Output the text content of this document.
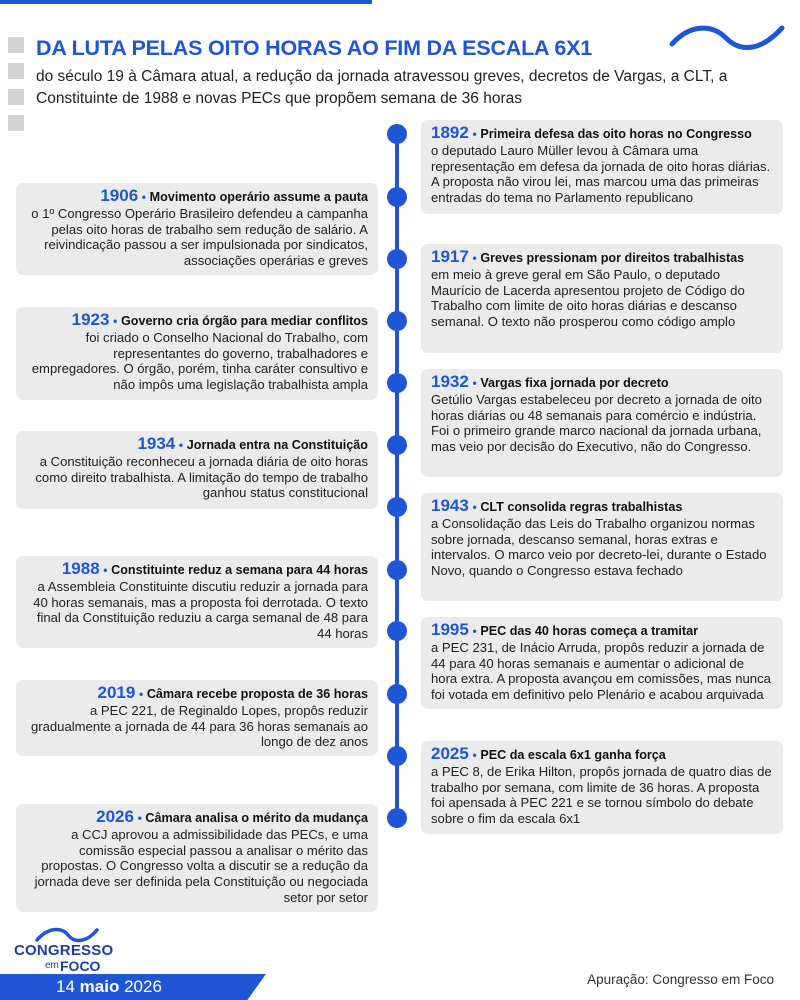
DA LUTA PELAS OITO HORAS AO FIM DA ESCALA 6X1

do século 19 à Câmara atual, a redução da jornada atravessou greves, decretos de Vargas, a CLT, a Constituinte de 1988 e novas PECs que propõem semana de 36 horas

1892 • Primeira defesa das oito horas no Congresso
o deputado Lauro Müller levou à Câmara uma representação em defesa da jornada de oito horas diárias. A proposta não virou lei, mas marcou uma das primeiras entradas do tema no Parlamento republicano
1906 • Movimento operário assume a pauta
o 1º Congresso Operário Brasileiro defendeu a campanha pelas oito horas de trabalho sem redução de salário. A reivindicação passou a ser impulsionada por sindicatos, associações operárias e greves	1917 • Greves pressionam por direitos trabalhistas
em meio à greve geral em São Paulo, o deputado Maurício de Lacerda apresentou projeto de Código do Trabalho com limite de oito horas diárias e descanso semanal. O texto não prosperou como código amplo
1923 • Governo cria órgão para mediar conflitos
foi criado o Conselho Nacional do Trabalho, com representantes do governo, trabalhadores e empregadores. O órgão, porém, tinha caráter consultivo e não impôs uma legislação trabalhista ampla	1932 • Vargas fixa jornada por decreto
Getúlio Vargas estabeleceu por decreto a jornada de oito horas diárias ou 48 semanais para comércio e indústria. Foi o primeiro grande marco nacional da jornada urbana, mas veio por decisão do Executivo, não do Congresso.
1934 • Jornada entra na Constituição
a Constituição reconheceu a jornada diária de oito horas como direito trabalhista. A limitação do tempo de trabalho ganhou status constitucional
1943 • CLT consolida regras trabalhistas
a Consolidação das Leis do Trabalho organizou normas sobre jornada, descanso semanal, horas extras e intervalos. O marco veio por decreto-lei, durante o Estado Novo, quando o Congresso estava fechado
1988 • Constituinte reduz a semana para 44 horas
a Assembleia Constituinte discutiu reduzir a jornada para 40 horas semanais, mas a proposta foi derrotada. O texto final da Constituição reduziu a carga semanal de 48 para 44 horas	1995 • PEC das 40 horas começa a tramitar
a PEC 231, de Inácio Arruda, propôs reduzir a jornada de 44 para 40 horas semanais e aumentar o adicional de hora extra. A proposta avançou em comissões, mas nunca foi votada em definitivo pelo Plenário e acabou arquivada
2019 • Câmara recebe proposta de 36 horas
a PEC 221, de Reginaldo Lopes, propôs reduzir gradualmente a jornada de 44 para 36 horas semanais ao longo de dez anos
2025 • PEC da escala 6x1 ganha força
a PEC 8, de Erika Hilton, propôs jornada de quatro dias de trabalho por semana, com limite de 36 horas. A proposta foi apensada à PEC 221 e se tornou símbolo do debate sobre o fim da escala 6x1
2026 • Câmara analisa o mérito da mudança
a CCJ aprovou a admissibilidade das PECs, e uma comissão especial passou a analisar o mérito das propostas. O Congresso volta a discutir se a redução da jornada deve ser definida pela Constituição ou negociada setor por setor
CONGRESSO
em FOCO
14 maio 2026	Apuração: Congresso em Foco
